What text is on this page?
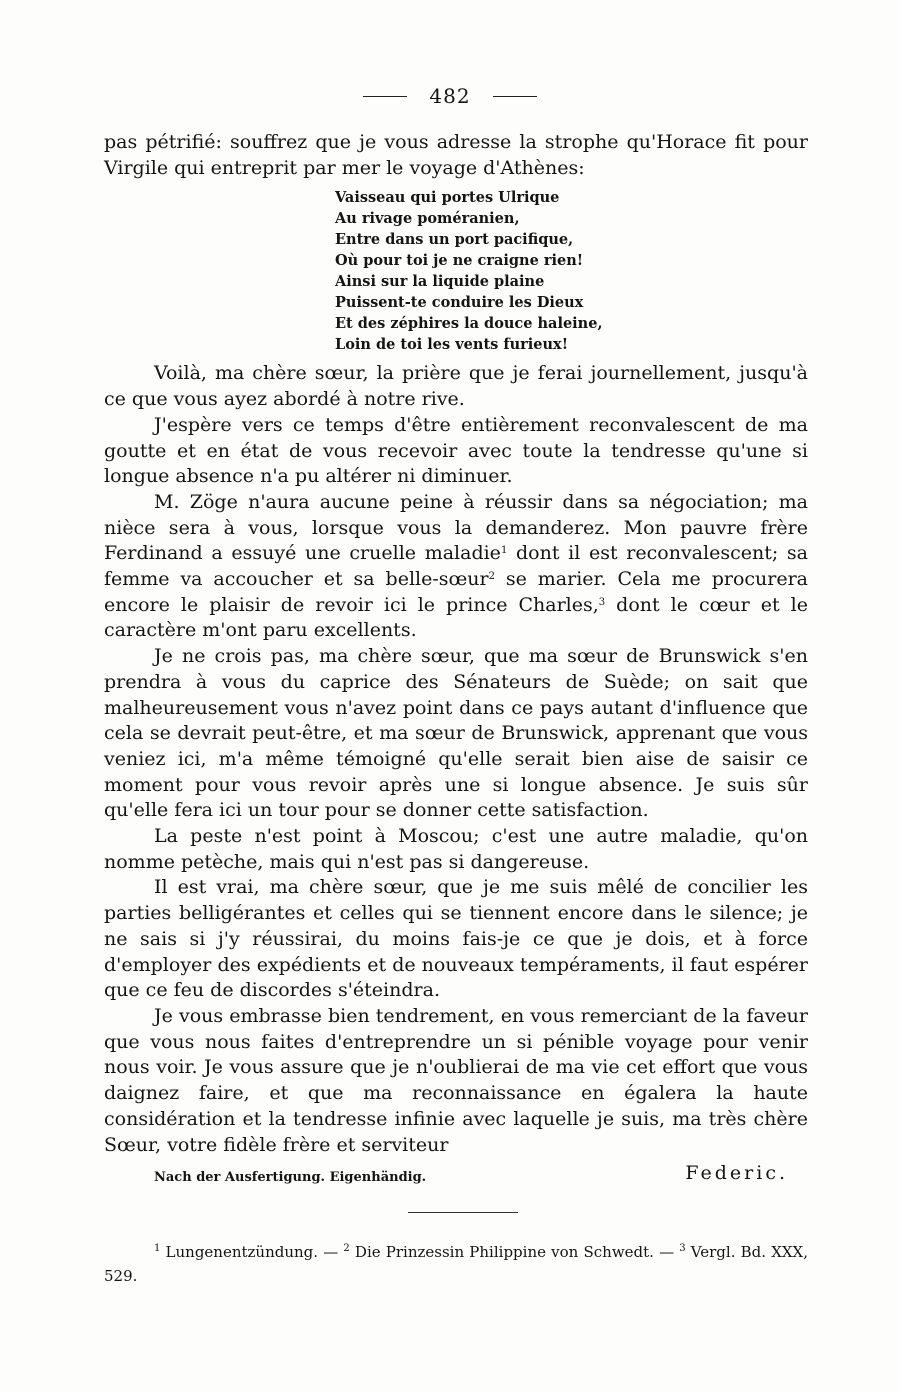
482

pas pétrifié: souffrez que je vous adresse la strophe qu'Horace fit pour Virgile qui entreprit par mer le voyage d'Athènes:

Vaisseau qui portes Ulrique
Au rivage poméranien,
Entre dans un port pacifique,
Où pour toi je ne craigne rien!
Ainsi sur la liquide plaine
Puissent-te conduire les Dieux
Et des zéphires la douce haleine,
Loin de toi les vents furieux!

Voilà, ma chère sœur, la prière que je ferai journellement, jusqu'à ce que vous ayez abordé à notre rive.

J'espère vers ce temps d'être entièrement reconvalescent de ma goutte et en état de vous recevoir avec toute la tendresse qu'une si longue absence n'a pu altérer ni diminuer.

M. Zöge n'aura aucune peine à réussir dans sa négociation; ma nièce sera à vous, lorsque vous la demanderez. Mon pauvre frère Ferdinand a essuyé une cruelle maladie$^1$ dont il est reconvalescent; sa femme va accoucher et sa belle-sœur$^2$ se marier. Cela me procurera encore le plaisir de revoir ici le prince Charles,$^3$ dont le cœur et le caractère m'ont paru excellents.

Je ne crois pas, ma chère sœur, que ma sœur de Brunswick s'en prendra à vous du caprice des Sénateurs de Suède; on sait que malheureusement vous n'avez point dans ce pays autant d'influence que cela se devrait peut-être, et ma sœur de Brunswick, apprenant que vous veniez ici, m'a même témoigné qu'elle serait bien aise de saisir ce moment pour vous revoir après une si longue absence. Je suis sûr qu'elle fera ici un tour pour se donner cette satisfaction.

La peste n'est point à Moscou; c'est une autre maladie, qu'on nomme petèche, mais qui n'est pas si dangereuse.

Il est vrai, ma chère sœur, que je me suis mêlé de concilier les parties belligérantes et celles qui se tiennent encore dans le silence; je ne sais si j'y réussirai, du moins fais-je ce que je dois, et à force d'employer des expédients et de nouveaux tempéraments, il faut espérer que ce feu de discordes s'éteindra.

Je vous embrasse bien tendrement, en vous remerciant de la faveur que vous nous faites d'entreprendre un si pénible voyage pour venir nous voir. Je vous assure que je n'oublierai de ma vie cet effort que vous daignez faire, et que ma reconnaissance en égalera la haute considération et la tendresse infinie avec laquelle je suis, ma très chère Sœur, votre fidèle frère et serviteur

Nach der Ausfertigung. Eigenhändig.	Federic.
$^1$ Lungenentzündung. — $^2$ Die Prinzessin Philippine von Schwedt. — $^3$ Vergl. Bd. XXX, 529.
